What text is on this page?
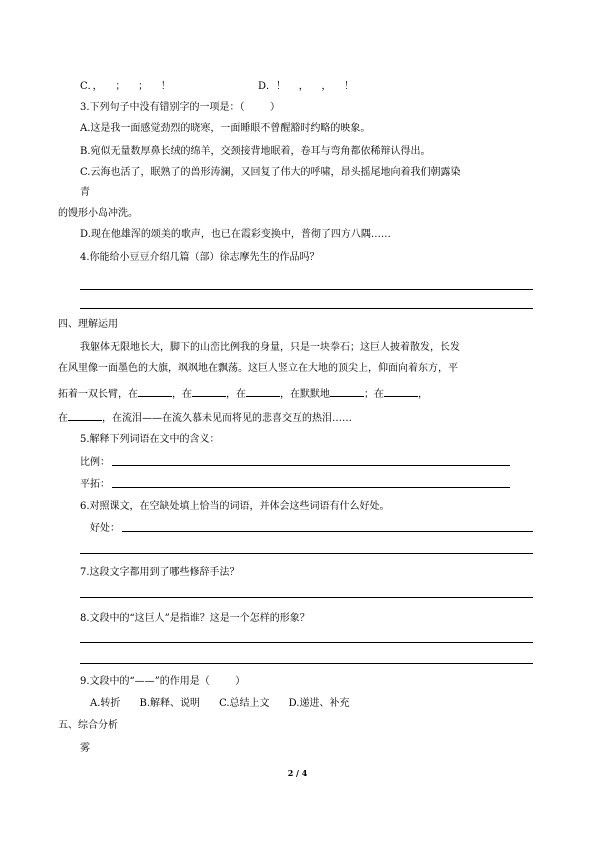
C．，    ；    ；    ！	D．！    ，    ，    ！
3.下列句子中没有错别字的一项是：（        ）
A.这是我一面感觉劲烈的晓寒，一面睡眼不曾醒豁时约略的映象。
B.宛似无量数厚鼻长绒的绵羊，交颈接背地眠着，卷耳与弯角都依稀辩认得出。
C.云海也活了，眠熟了的兽形涛澜，又回复了伟大的呼啸，昂头摇尾地向着我们朝露染
青
的馒形小岛冲洗。
D.现在他雄浑的颂美的歌声，也已在霞彩变换中，普彻了四方八隅……
4.你能给小豆豆介绍几篇（部）徐志摩先生的作品吗？
四、理解运用
我躯体无限地长大，脚下的山峦比例我的身量，只是一块拳石；这巨人披着散发，长发
在风里像一面墨色的大旗，飒飒地在飘荡。这巨人竖立在大地的顶尖上，仰面向着东方，平
拓着一双长臂，在	，在	，在	，在默默地	；在	，
在	，在流泪——在流久慕未见而将见的悲喜交互的热泪……
5.解释下列词语在文中的含义：
比例：
平拓：
6.对照课文，在空缺处填上恰当的词语，并体会这些词语有什么好处。
好处：
7.这段文字都用到了哪些修辞手法？
8.文段中的“这巨人”是指谁？这是一个怎样的形象？
9.文段中的“——”的作用是（        ）
A.转折      B.解释、说明      C.总结上文      D.递进、补充
五、综合分析
雾
2 / 4
